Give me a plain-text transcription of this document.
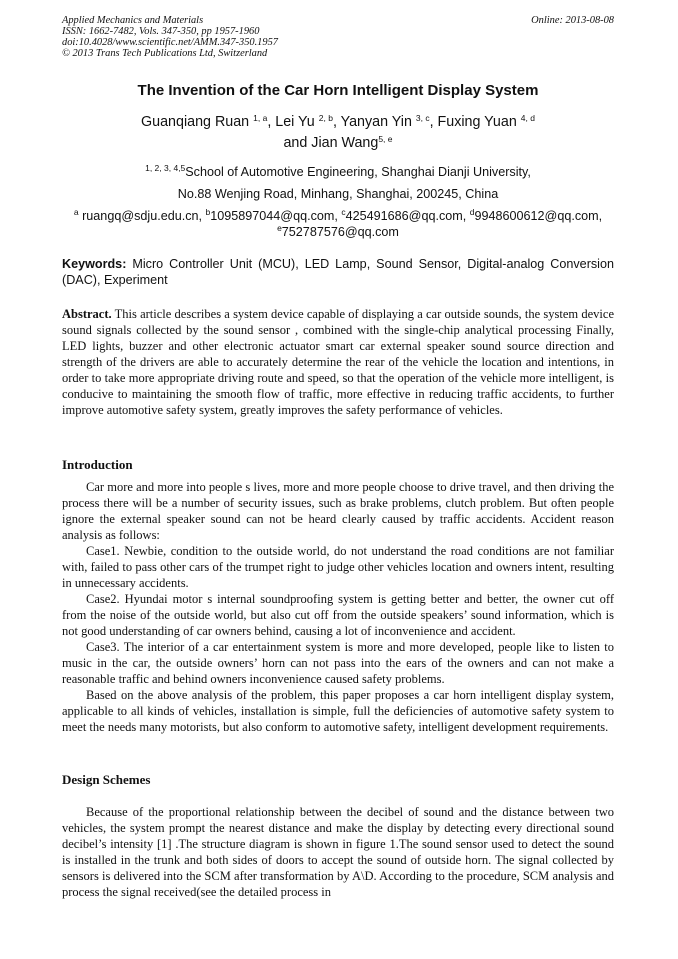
Applied Mechanics and Materials
ISSN: 1662-7482, Vols. 347-350, pp 1957-1960
doi:10.4028/www.scientific.net/AMM.347-350.1957
© 2013 Trans Tech Publications Ltd, Switzerland
Online: 2013-08-08
The Invention of the Car Horn Intelligent Display System
Guanqiang Ruan $^{1, a}$, Lei Yu $^{2, b}$, Yanyan Yin $^{3, c}$, Fuxing Yuan $^{4, d}$
and Jian Wang$^{5, e}$
$^{1, 2, 3, 4,5}$School of Automotive Engineering, Shanghai Dianji University,
No.88 Wenjing Road, Minhang, Shanghai, 200245, China
$^a$ ruangq@sdju.edu.cn, $^b$1095897044@qq.com, $^c$425491686@qq.com, $^d$9948600612@qq.com,
$^e$752787576@qq.com
Keywords: Micro Controller Unit (MCU), LED Lamp, Sound Sensor, Digital-analog Conversion (DAC), Experiment

Abstract. This article describes a system device capable of displaying a car outside sounds, the system device sound signals collected by the sound sensor , combined with the single-chip analytical processing Finally, LED lights, buzzer and other electronic actuator smart car external speaker sound source direction and strength of the drivers are able to accurately determine the rear of the vehicle the location and intentions, in order to take more appropriate driving route and speed, so that the operation of the vehicle more intelligent, is conducive to maintaining the smooth flow of traffic, more effective in reducing traffic accidents, to further improve automotive safety system, greatly improves the safety performance of vehicles.

Introduction

Car more and more into people s lives, more and more people choose to drive travel, and then driving the process there will be a number of security issues, such as brake problems, clutch problem. But often people ignore the external speaker sound can not be heard clearly caused by traffic accidents. Accident reason analysis as follows:

Case1. Newbie, condition to the outside world, do not understand the road conditions are not familiar with, failed to pass other cars of the trumpet right to judge other vehicles location and owners intent, resulting in unnecessary accidents.

Case2. Hyundai motor s internal soundproofing system is getting better and better, the owner cut off from the noise of the outside world, but also cut off from the outside speakers’ sound information, which is not good understanding of car owners behind, causing a lot of inconvenience and accident.

Case3. The interior of a car entertainment system is more and more developed, people like to listen to music in the car, the outside owners’ horn can not pass into the ears of the owners and can not make a reasonable traffic and behind owners inconvenience caused safety problems.

Based on the above analysis of the problem, this paper proposes a car horn intelligent display system, applicable to all kinds of vehicles, installation is simple, full the deficiencies of automotive safety system to meet the needs many motorists, but also conform to automotive safety, intelligent development requirements.

Design Schemes

Because of the proportional relationship between the decibel of sound and the distance between two vehicles, the system prompt the nearest distance and make the display by detecting every directional sound decibel’s intensity [1] .The structure diagram is shown in figure 1.The sound sensor used to detect the sound is installed in the trunk and both sides of doors to accept the sound of outside horn. The signal collected by sensors is delivered into the SCM after transformation by A\D. According to the procedure, SCM analysis and process the signal received(see the detailed process in
